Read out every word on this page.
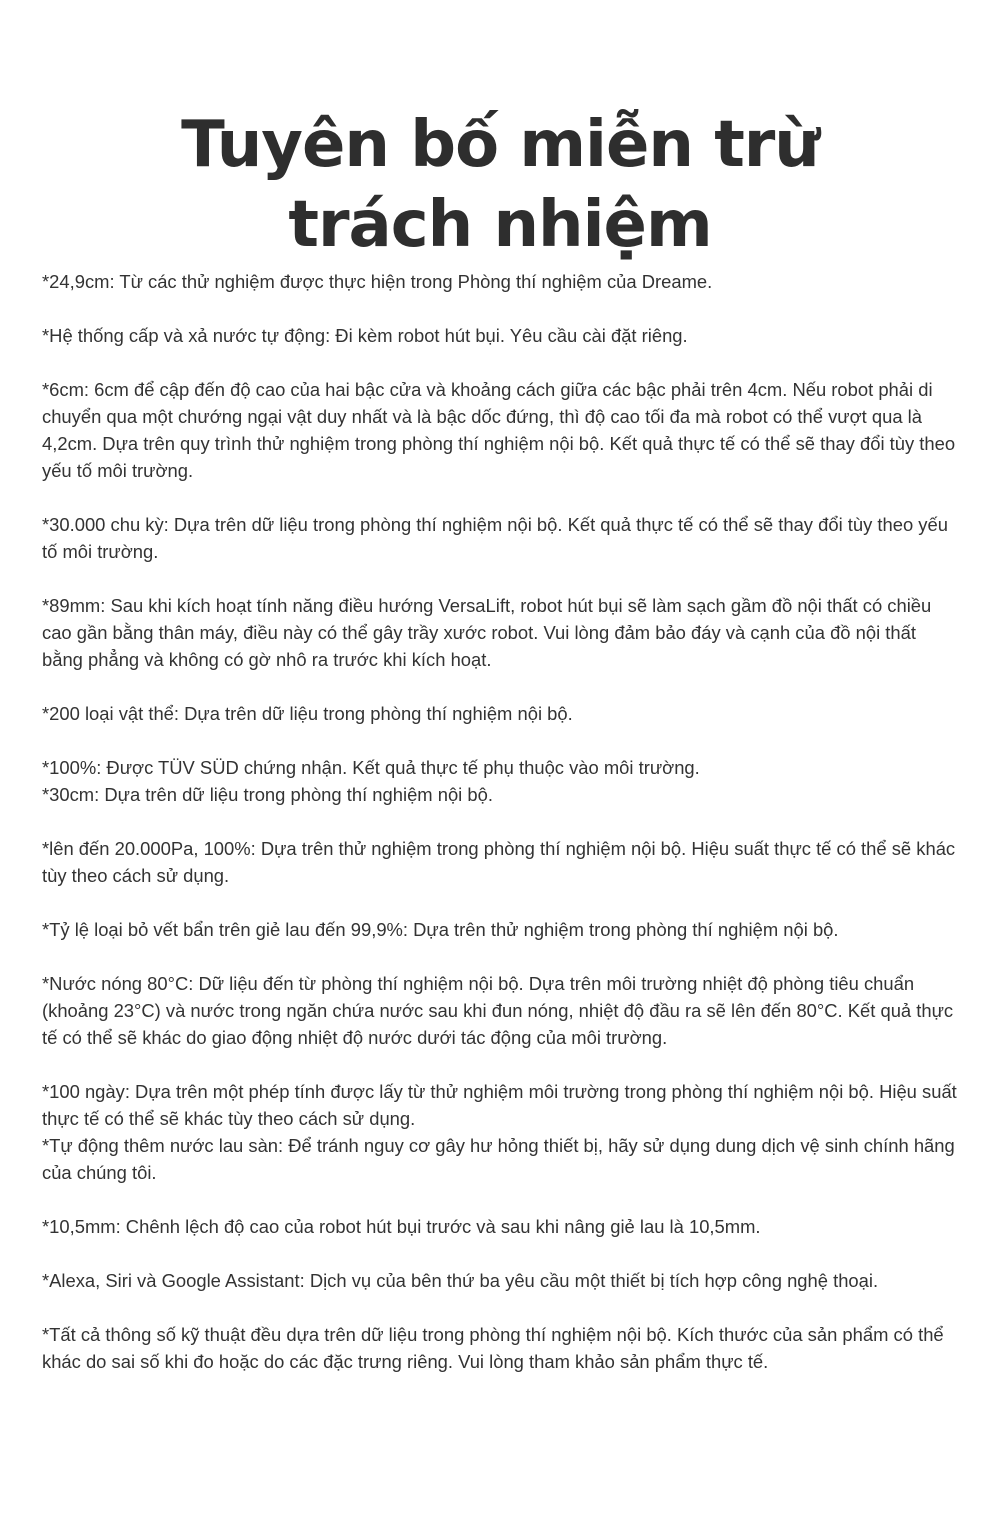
Tuyên bố miễn trừ
trách nhiệm

*24,9cm: Từ các thử nghiệm được thực hiện trong Phòng thí nghiệm của Dreame.

*Hệ thống cấp và xả nước tự động: Đi kèm robot hút bụi. Yêu cầu cài đặt riêng.

*6cm: 6cm để cập đến độ cao của hai bậc cửa và khoảng cách giữa các bậc phải trên 4cm. Nếu robot phải di chuyển qua một chướng ngại vật duy nhất và là bậc dốc đứng, thì độ cao tối đa mà robot có thể vượt qua là 4,2cm. Dựa trên quy trình thử nghiệm trong phòng thí nghiệm nội bộ. Kết quả thực tế có thể sẽ thay đổi tùy theo yếu tố môi trường.

*30.000 chu kỳ: Dựa trên dữ liệu trong phòng thí nghiệm nội bộ. Kết quả thực tế có thể sẽ thay đổi tùy theo yếu tố môi trường.

*89mm: Sau khi kích hoạt tính năng điều hướng VersaLift, robot hút bụi sẽ làm sạch gầm đồ nội thất có chiều cao gần bằng thân máy, điều này có thể gây trầy xước robot. Vui lòng đảm bảo đáy và cạnh của đồ nội thất bằng phẳng và không có gờ nhô ra trước khi kích hoạt.

*200 loại vật thể: Dựa trên dữ liệu trong phòng thí nghiệm nội bộ.

*100%: Được TÜV SÜD chứng nhận. Kết quả thực tế phụ thuộc vào môi trường.

*30cm: Dựa trên dữ liệu trong phòng thí nghiệm nội bộ.

*lên đến 20.000Pa, 100%: Dựa trên thử nghiệm trong phòng thí nghiệm nội bộ. Hiệu suất thực tế có thể sẽ khác tùy theo cách sử dụng.

*Tỷ lệ loại bỏ vết bẩn trên giẻ lau đến 99,9%: Dựa trên thử nghiệm trong phòng thí nghiệm nội bộ.

*Nước nóng 80°C: Dữ liệu đến từ phòng thí nghiệm nội bộ. Dựa trên môi trường nhiệt độ phòng tiêu chuẩn (khoảng 23°C) và nước trong ngăn chứa nước sau khi đun nóng, nhiệt độ đầu ra sẽ lên đến 80°C. Kết quả thực tế có thể sẽ khác do giao động nhiệt độ nước dưới tác động của môi trường.

*100 ngày: Dựa trên một phép tính được lấy từ thử nghiệm môi trường trong phòng thí nghiệm nội bộ. Hiệu suất thực tế có thể sẽ khác tùy theo cách sử dụng.

*Tự động thêm nước lau sàn: Để tránh nguy cơ gây hư hỏng thiết bị, hãy sử dụng dung dịch vệ sinh chính hãng của chúng tôi.

*10,5mm: Chênh lệch độ cao của robot hút bụi trước và sau khi nâng giẻ lau là 10,5mm.

*Alexa, Siri và Google Assistant: Dịch vụ của bên thứ ba yêu cầu một thiết bị tích hợp công nghệ thoại.

*Tất cả thông số kỹ thuật đều dựa trên dữ liệu trong phòng thí nghiệm nội bộ. Kích thước của sản phẩm có thể khác do sai số khi đo hoặc do các đặc trưng riêng. Vui lòng tham khảo sản phẩm thực tế.
